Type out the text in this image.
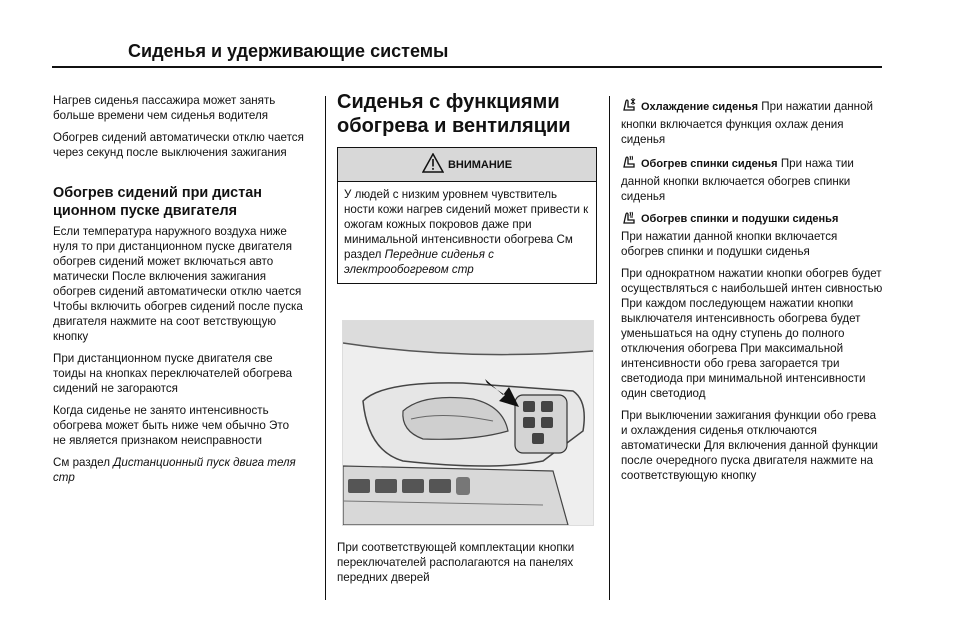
Сиденья и удерживающие системы

Нагрев сиденья пассажира может занять больше времени чем сиденья водителя

Обогрев сидений автоматически отклю чается через секунд после выключения зажигания

Обогрев сидений при дистан ционном пуске двигателя

Если температура наружного воздуха ниже нуля то при дистанционном пуске двигателя обогрев сидений может включаться авто матически После включения зажигания обогрев сидений автоматически отклю чается Чтобы включить обогрев сидений после пуска двигателя нажмите на соот ветствующую кнопку

При дистанционном пуске двигателя све тоиды на кнопках переключателей обогрева сидений не загораются

Когда сиденье не занято интенсивность обогрева может быть ниже чем обычно Это не является признаком неисправности

См раздел Дистанционный пуск двига теля стр

Сиденья с функциями обогрева и вентиляции
ВНИМАНИЕ
У людей с низким уровнем чувствитель ности кожи нагрев сидений может привести к ожогам кожных покровов даже при минимальной интенсивности обогрева См раздел Передние сиденья с электрообогревом стр

При соответствующей комплектации кнопки переключателей располагаются на панелях передних дверей

Охлаждение сиденья При нажатии данной кнопки включается функция охлаж дения сиденья

Обогрев спинки сиденья При нажа тии данной кнопки включается обогрев спинки сиденья

Обогрев спинки и подушки сиденья
При нажатии данной кнопки включается обогрев спинки и подушки сиденья

При однократном нажатии кнопки обогрев будет осуществляться с наибольшей интен сивностью При каждом последующем нажатии кнопки выключателя интенсивность обогрева будет уменьшаться на одну ступень до полного отключения обогрева При максимальной интенсивности обо грева загорается три светодиода при минимальной интенсивности один светодиод

При выключении зажигания функции обо грева и охлаждения сиденья отключаются автоматически Для включения данной функции после очередного пуска двигателя нажмите на соответствующую кнопку
